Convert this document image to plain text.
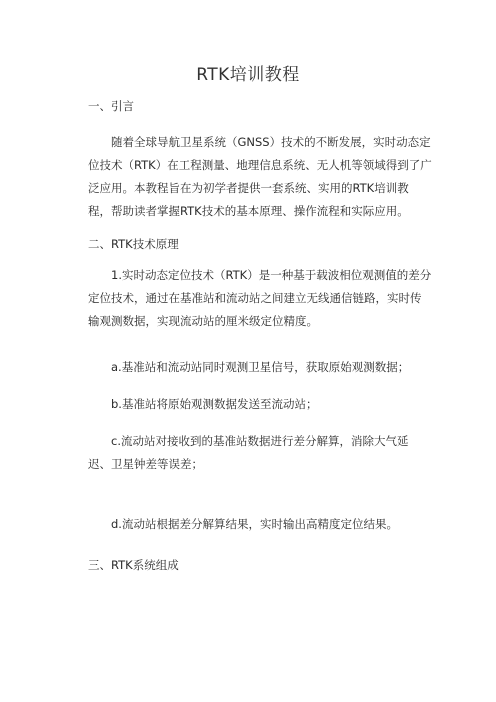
RTK培训教程
一、引言
　　随着全球导航卫星系统（GNSS）技术的不断发展，实时动态定
位技术（RTK）在工程测量、地理信息系统、无人机等领域得到了广
泛应用。本教程旨在为初学者提供一套系统、实用的RTK培训教
程，帮助读者掌握RTK技术的基本原理、操作流程和实际应用。
二、RTK技术原理
　　1.实时动态定位技术（RTK）是一种基于载波相位观测值的差分
定位技术，通过在基准站和流动站之间建立无线通信链路，实时传
输观测数据，实现流动站的厘米级定位精度。
　　a.基准站和流动站同时观测卫星信号，获取原始观测数据；
　　b.基准站将原始观测数据发送至流动站；
　　c.流动站对接收到的基准站数据进行差分解算，消除大气延
迟、卫星钟差等误差；
　　d.流动站根据差分解算结果，实时输出高精度定位结果。
三、RTK系统组成
